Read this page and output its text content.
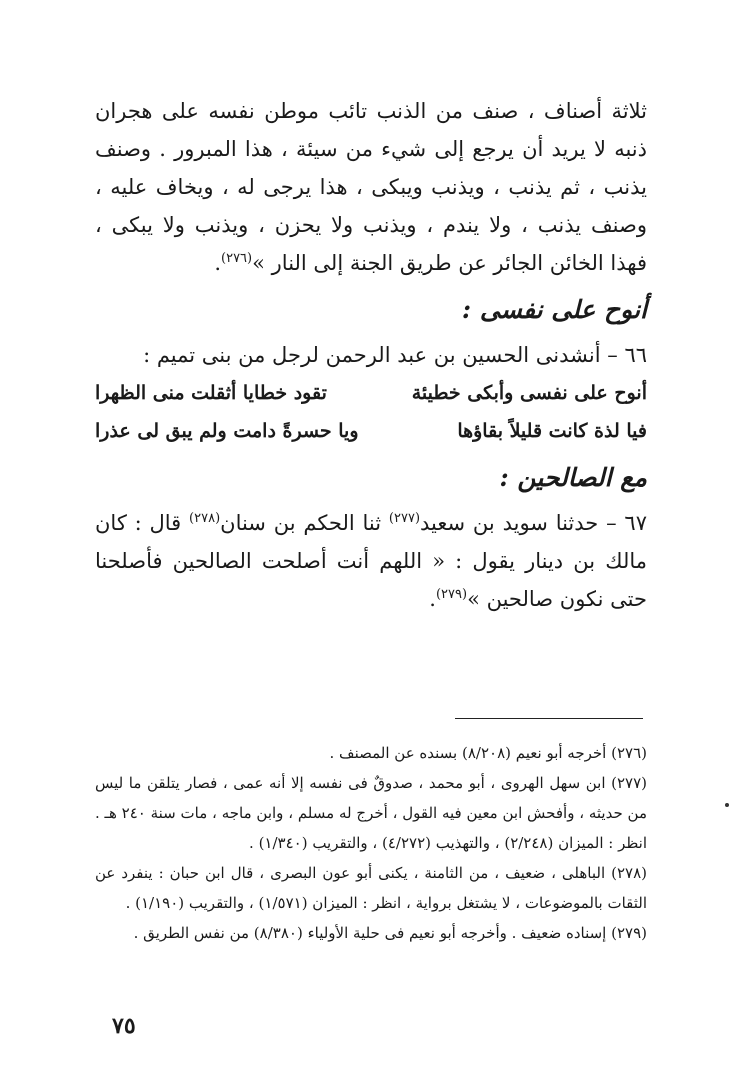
ثلاثة أصناف ، صنف من الذنب تائب موطن نفسه على هجران ذنبه لا يريد أن يرجع إلى شيء من سيئة ، هذا المبرور . وصنف يذنب ، ثم يذنب ، ويذنب ويبكى ، هذا يرجى له ، ويخاف عليه ، وصنف يذنب ، ولا يندم ، ويذنب ولا يحزن ، ويذنب ولا يبكى ، فهذا الخائن الجائر عن طريق الجنة إلى النار »$^{(٢٧٦)}$.

أنوح على نفسى :

٦٦ – أنشدنى الحسين بن عبد الرحمن لرجل من بنى تميم :

أنوح على نفسى وأبكى خطيئة
تقود خطايا أثقلت منى الظهرا
فيا لذة كانت قليلاً بقاؤها
ويا حسرةً دامت ولم يبق لى عذرا
مع الصالحين :

٦٧ – حدثنا سويد بن سعيد$^{(٢٧٧)}$ ثنا الحكم بن سنان$^{(٢٧٨)}$ قال : كان مالك بن دينار يقول : « اللهم أنت أصلحت الصالحين فأصلحنا حتى نكون صالحين »$^{(٢٧٩)}$.

(٢٧٦) أخرجه أبو نعيم (٨/٢٠٨) بسنده عن المصنف .

(٢٧٧) ابن سهل الهروى ، أبو محمد ، صدوقٌ فى نفسه إلا أنه عمى ، فصار يتلقن ما ليس من حديثه ، وأفحش ابن معين فيه القول ، أخرج له مسلم ، وابن ماجه ، مات سنة ٢٤٠ هـ . انظر : الميزان (٢/٢٤٨) ، والتهذيب (٤/٢٧٢) ، والتقريب (١/٣٤٠) .

(٢٧٨) الباهلى ، ضعيف ، من الثامنة ، يكنى أبو عون البصرى ، قال ابن حبان : ينفرد عن الثقات بالموضوعات ، لا يشتغل برواية ، انظر : الميزان (١/٥٧١) ، والتقريب (١/١٩٠) .

(٢٧٩) إسناده ضعيف . وأخرجه أبو نعيم فى حلية الأولياء (٨/٣٨٠) من نفس الطريق .

٧٥
